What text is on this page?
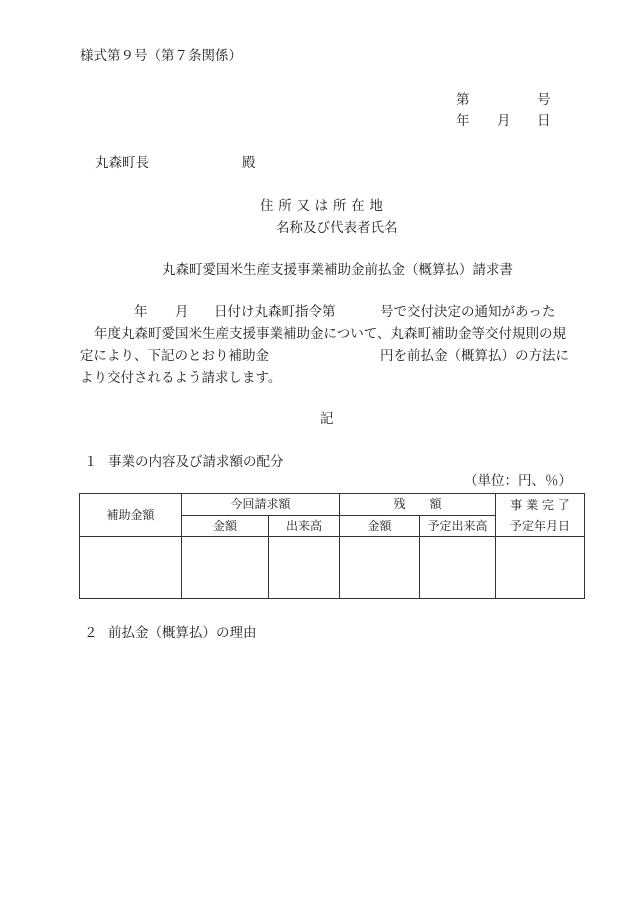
様式第９号（第７条関係）
第	号
年 月 日
丸森町長	殿
住所又は所在地
名称及び代表者氏名
丸森町愛国米生産支援事業補助金前払金（概算払）請求書
年 月 日付け丸森町指令第	号で交付決定の通知があった
年度丸森町愛国米生産支援事業補助金について、丸森町補助金等交付規則の規
定により、下記のとおり補助金	円を前払金（概算払）の方法に
より交付されるよう請求します。
記
１ 事業の内容及び請求額の配分
（単位：円、％）
補助金額	今回請求額		残　　額		事 業 完 了
	金額	出来高	金額	予定出来高	予定年月日

２ 前払金（概算払）の理由
